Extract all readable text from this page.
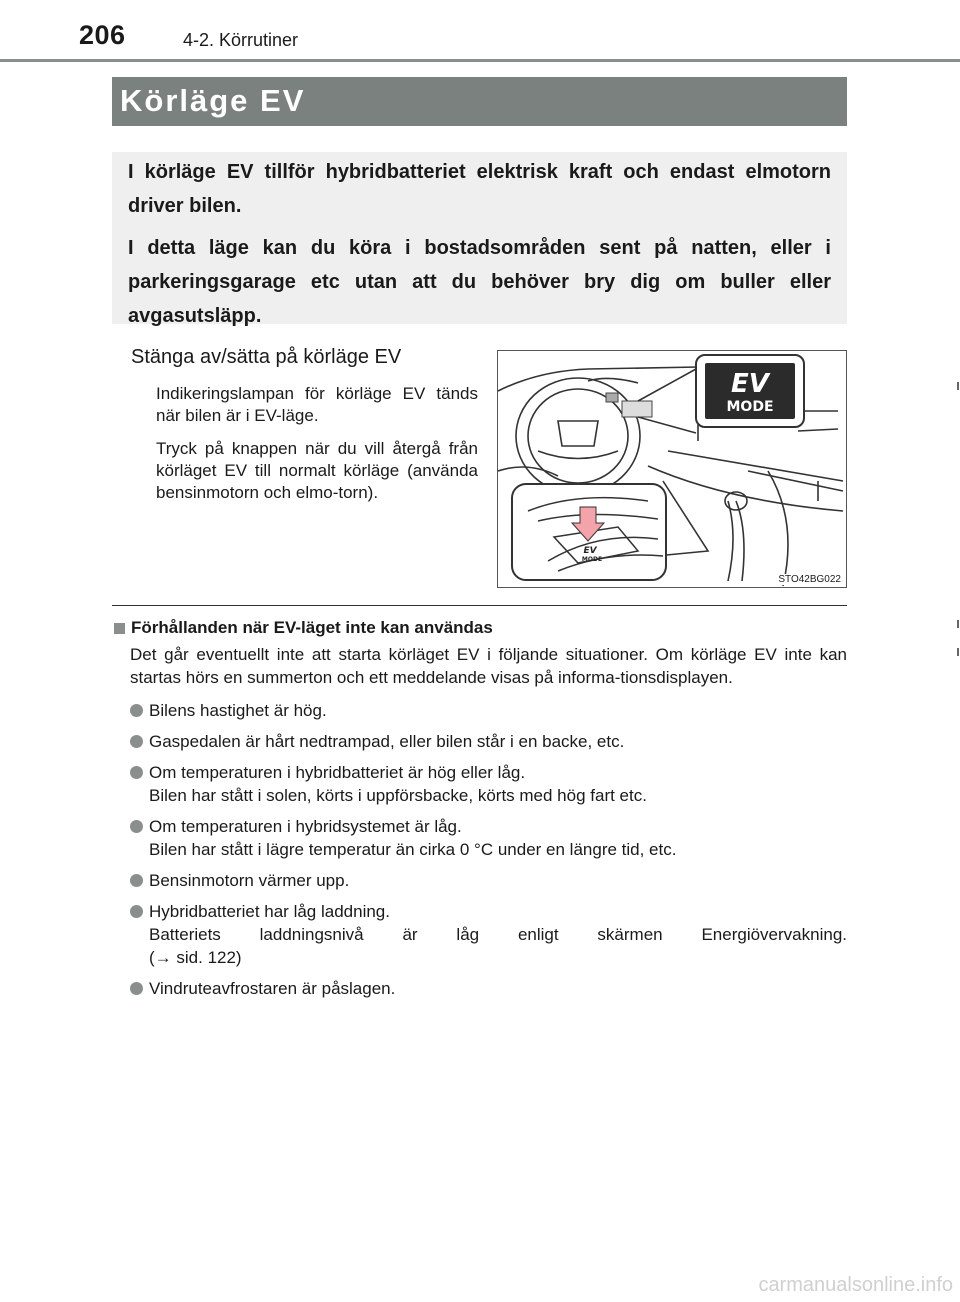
206	4-2. Körrutiner
Körläge EV

I körläge EV tillför hybridbatteriet elektrisk kraft och endast elmotorn driver bilen.

I detta läge kan du köra i bostadsområden sent på natten, eller i parkeringsgarage etc utan att du behöver bry dig om buller eller avgasutsläpp.

Stänga av/sätta på körläge EV

Indikeringslampan för körläge EV tänds när bilen är i EV-läge.

Tryck på knappen när du vill återgå från körläget EV till normalt körläge (använda bensinmotorn och elmo-torn).

EV
MODE
EV
MODE
STO42BG022
Förhållanden när EV-läget inte kan användas

Det går eventuellt inte att starta körläget EV i följande situationer. Om körläge EV inte kan startas hörs en summerton och ett meddelande visas på informa-tionsdisplayen.

Bilens hastighet är hög.
Gaspedalen är hårt nedtrampad, eller bilen står i en backe, etc.
Om temperaturen i hybridbatteriet är hög eller låg.
Bilen har stått i solen, körts i uppförsbacke, körts med hög fart etc.
Om temperaturen i hybridsystemet är låg.
Bilen har stått i lägre temperatur än cirka 0 °C under en längre tid, etc.
Bensinmotorn värmer upp.
Hybridbatteriet har låg laddning.
Batteriets laddningsnivå är låg enligt skärmen Energiövervakning.
(→ sid. 122)
Vindruteavfrostaren är påslagen.
carmanualsonline.info
